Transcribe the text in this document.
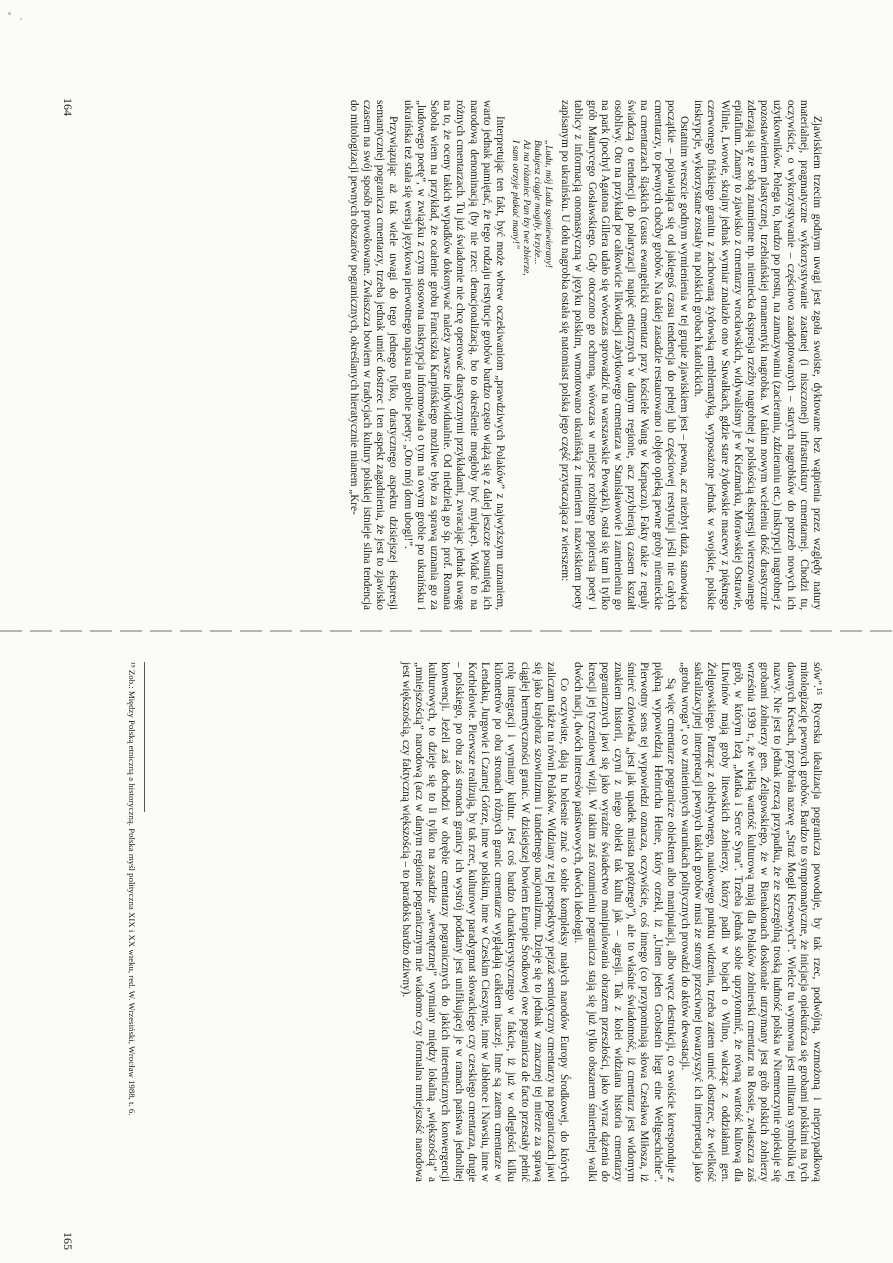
164

Zjawiskiem trzecim godnym uwagi jest zgoła swoiste, dyktowane bez wątpienia przez względy natury materialnej, pragmatyczne wykorzystywanie zastanej (i niszczonej) infrastruktury cmentarnej. Chodzi tu, oczywiście, o wykorzystywanie – częściowo zaadoptowanych – starych nagrobków do potrzeb nowych ich użytkowników. Polega to, bardzo po prostu, na zamazywaniu (zacieraniu, zdzieraniu etc.) inskrypcji nagrobnej z pozostawieniem plastycznej, trzebiańskiej ornamentyki nagrobka. W takim nowym wcieleniu dość drastycznie zderzają się ze sobą znamienne np. niemiecka ekspresja rzeźby nagrobnej z polskością ekspresji wierszowanego epitafium. Znamy to zjawisko z cmentarzy wrocławskich, widywaliśmy je w Kieźmarku, Morawskiej Ostrawie, Wilnie, Lwowie, skrajny jednak wymiar znalazło ono w Suwałkach, gdzie stare żydowskie macewy z pięknego czerwonego fińskiego granitu z zachowaną żydowską emblematyką, wyposażone jednak w swojskie, polskie inskrypcje, wykorzystane zostały na polskich grobach katolickich.

Ostatnim wreszcie godnym wymienienia w tej grupie zjawiskiem jest – pewna, acz niezbyt duża, stanowiąca początkie – pojawiająca się od jakiegoś czasu tendencja do pełnej lub częściowej restytucji jeśli nie całych cmentarzy, to pewnych choćby grobów. Na takiej zasadzie restaurowano i objęto opieką pewne groby niemieckie na cmentarzach śląskich (casus ewangelicki cmentarz przy kościele Wang w Karpaczu). Fakty takie z reguły świadczą o tendencji do polaryzacji napięć etnicznych w danym regionie, acz przybierają czasem kształt osobliwy. Oto na przykład po całkowicie likwidacji zabytkowego cmentarza w Stanisławowie i zamienieniu go na park (pochyl Agatona Gillera udało się wówczas sprowadzić na warszawskie Powązki), ostał się tam li tylko grób Maurycego Gosławskiego. Gdy otoczono go ochroną, wówczas w miejsce rozbitego popiersia poety i tablicy z informacją onomastyczną w języku polskim, wmontowano ukraińską z imieniem i nazwiskiem poety zapisanym po ukraińsku. U dołu nagrobka ostała się natomiast polska jego część przytaczająca z wierszem:

„Ludu, mój Ludu sponiewierany!
Budujesz ciągle mogiły, krzyże...
Aż na różaniec Pan łzy twe zbierze,
I sam otrzyje płakać many!”

Interpretując ten fakt, być może wbrew oczekiwaniom „prawdziwych Polaków” z najwyższym uznaniem, warto jednak pamiętać, że tego rodzaju restytucje grobów bardzo często wiążą się z dalej jeszcze posuniętą ich narodową denominacją (by nie rzec: denacjonalizacją, bo to określenie mogłoby być mylące). Widać to na różnych cmentarzach. Tu już świadomie nie chcę operować drastycznymi przykładami, zwracając jednak uwagę na to, że oceny takich wypadków dokonywać należy zawsze indywidualnie. Od niedzielą go śp. prof. Romana Sobola wiem na przykład, że ocalenie grobu Franciszka Karpińskiego możliwe było za sprawą uznania go za „ludowego poetę”, w związku z czym stosowna inskrypcja informowała o tym na owym grobie po ukraińsku i ukraińska też stała się wersja językowa pierwotnego napisu na grobie poety: „Oto mój dom ubogi!”.

Przywiązując aż tak wiele uwagi do tego jednego tylko, drastycznego aspektu dzisiejszej ekspresji semantycznej pogranicza cmentarzy, trzeba jednak umieć dostrzec i ten aspekt zagadnienia, że jest to zjawisko czasem na swój sposób prowokowane. Zwłaszcza bowiem w tradycjach kultury polskiej istnieje silna tendencja do mitologizacji pewnych obszarów pogranicznych, określanych hieratycznie mianem „Kre-

165

sów”.¹⁵ Rycerska idealizacja pogranicza powoduje, by tak rzec, podwójną, wzmożoną i nieprzypadkową mitologizację pewnych grobów. Bardzo to symptomatyczne, że inicjacja opiekuńcza się grobami polskimi na tych dawnych Kresach, przybrała nazwę „Straż Mogił Kresowych”. Wielce tu wymowna jest militarna symbolika tej nazwy. Nie jest to jednak rzeczą przypadku, że ze szczególną troską ludność polska w Niemenczynie opiekuje się grobami żołnierzy gen. Żeligowskiego, że w Bienakonach doskonale utrzymany jest grób polskich żołnierzy września 1939 r., że wielką wartość kulturową mają dla Polaków żołnierski cmentarz na Rossie, zwłaszcza zaś grób, w którym leżą „Matka i Serce Syna”. Trzeba jednak sobie uprzytomnić, że równą wartość kultową dla Litwinów mają groby litewskich żołnierzy, którzy padli w bojach o Wilno, walcząc z oddziałami gen. Żeligowskiego. Patrząc z obiektywnego, naukowego punktu widzenia, trzeba zatem umieć dostrzec, że wielkość sakralizacyjnej interpretacji pewnych takich grobów musi ze strony przeciwnej towarzyszyć ich interpretacja jako „grobu wroga”, co w zmienionych warunkach politycznych prowadzi do aktów dewastacji.

Są więc cmentarze pogranicze obiektem albo manipulacji, albo wręcz destrukcji, co swoiście koresponduje z piękną wypowiedzią Heinricha Heine, który orzekł, iż „Unten jeden Grobstein liegt eine Weltgeschichte”. Pierwotny sens tej wypowiedzi oznacza, oczywiście, coś innego (co przypominają słowa Czesława Miłosza, iż śmierć człowieka „jest jak upadek miasta potężnego”), ale to właśnie świadomość, iż cmentarz jest widomym znakiem historii, czyni z niego obiekt tak kultu jak – agresji. Tak z kolei widziana historia cmentarzy pogranicznych jawi się jako wyraźne świadectwo manipulowania obrazem przeszłości, jako wyraz dążenia do kreacji jej tyczeniowej wizji. W takim zaś rozumieniu pogranicza stają się już tylko obszarem śmiertelnej walki dwóch nacji, dwóch interesów państwowych, dwóch ideologii.

Co oczywiste, dają tu bolesnie znać o sobie kompleksy małych narodów Europy Środkowej, do których zaliczam także na równi Polaków. Widziany z tej perspektywy pejzaż semiotyczny cmentarzy na pograniczach jawi się jako krajobraz szowinizmu i tandetnego nacjonalizmu. Dzieje się to jednak w znacznej tej mierze za sprawą ciągłej hermetyczności granic. W dzisiejszej bowiem Europie Środkowej owe pogranicza de facto przestały pełnić rolę integracji i wymiany kultur. Jest coś bardzo charakterystycznego w fakcie, iż już w odległości kilku kilometrów po obu stronach różnych granic cmentarze wyglądają całkiem inaczej. Inne są zatem cmentarze w Lendaku, Jurgowie i Czarnej Górze, inne w polskim, inne w Czeskim Cieszynie, inne w Jabłonce i Nawsiu, inne w Korbielowie. Pierwsze realizują, by tak rzec, kulturowy paradygmat słowackiego czy czeskiego cmentarza, drugie – polskiego, po obu zaś stronach granicy ich wystrój poddany jest unifikującej je w ramach państwa jednolitej konwencji. Jeżeli zaś dochodzi w obrębie cmentarzy pogranicznych do jakich interetnicznych konwergencji kulturowych, to dzieje się to li tylko na zasadzie „wewnętrznej” wymiany między lokalną „większością” a „mniejszością” narodową (acz w danym regionie pogranicznym nie wiadomo czy formalna mniejszość narodowa jest większością, czy faktyczną większością – to paradoks bardzo dziwny).

¹⁵ Zob.: Między Polską etniczną a historyczną. Polska myśl polityczna XIX i XX wieku, red. W. Wrzesiński, Wrocław 1988, t. 6.
